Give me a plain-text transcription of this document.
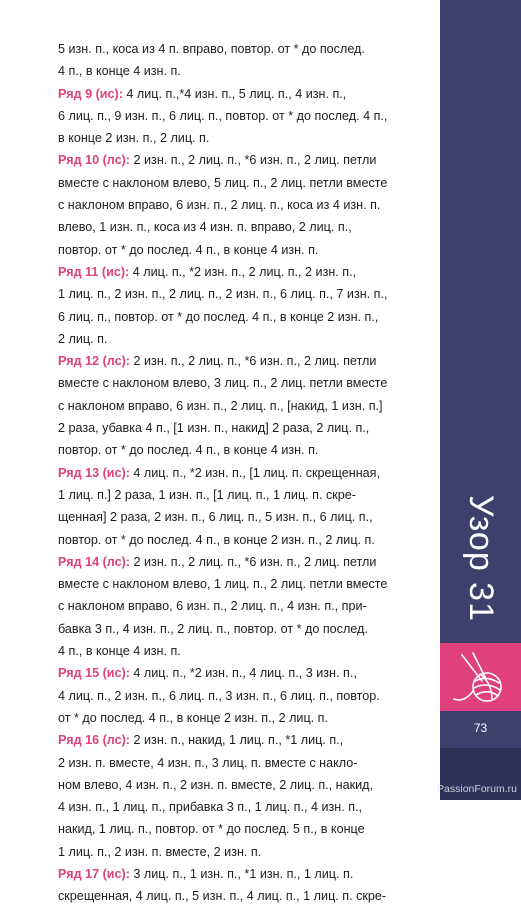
5 изн. п., коса из 4 п. вправо, повтор. от * до послед.

4 п., в конце 4 изн. п.

Ряд 9 (ис): 4 лиц. п.,*4 изн. п., 5 лиц. п., 4 изн. п.,

6 лиц. п., 9 изн. п., 6 лиц. п., повтор. от * до послед. 4 п.,

в конце 2 изн. п., 2 лиц. п.

Ряд 10 (лс): 2 изн. п., 2 лиц. п., *6 изн. п., 2 лиц. петли

вместе с наклоном влево, 5 лиц. п., 2 лиц. петли вместе

с наклоном вправо, 6 изн. п., 2 лиц. п., коса из 4 изн. п.

влево, 1 изн. п., коса из 4 изн. п. вправо, 2 лиц. п.,

повтор. от * до послед. 4 п., в конце 4 изн. п.

Ряд 11 (ис): 4 лиц. п., *2 изн. п., 2 лиц. п., 2 изн. п.,

1 лиц. п., 2 изн. п., 2 лиц. п., 2 изн. п., 6 лиц. п., 7 изн. п.,

6 лиц. п., повтор. от * до послед. 4 п., в конце 2 изн. п.,

2 лиц. п.

Ряд 12 (лс): 2 изн. п., 2 лиц. п., *6 изн. п., 2 лиц. петли

вместе с наклоном влево, 3 лиц. п., 2 лиц. петли вместе

с наклоном вправо, 6 изн. п., 2 лиц. п., [накид, 1 изн. п.]

2 раза, убавка 4 п., [1 изн. п., накид] 2 раза, 2 лиц. п.,

повтор. от * до послед. 4 п., в конце 4 изн. п.

Ряд 13 (ис): 4 лиц. п., *2 изн. п., [1 лиц. п. скрещенная,

1 лиц. п.] 2 раза, 1 изн. п., [1 лиц. п., 1 лиц. п. скре-

щенная] 2 раза, 2 изн. п., 6 лиц. п., 5 изн. п., 6 лиц. п.,

повтор. от * до послед. 4 п., в конце 2 изн. п., 2 лиц. п.

Ряд 14 (лс): 2 изн. п., 2 лиц. п., *6 изн. п., 2 лиц. петли

вместе с наклоном влево, 1 лиц. п., 2 лиц. петли вместе

с наклоном вправо, 6 изн. п., 2 лиц. п., 4 изн. п., при-

бавка 3 п., 4 изн. п., 2 лиц. п., повтор. от * до послед.

4 п., в конце 4 изн. п.

Ряд 15 (ис): 4 лиц. п., *2 изн. п., 4 лиц. п., 3 изн. п.,

4 лиц. п., 2 изн. п., 6 лиц. п., 3 изн. п., 6 лиц. п., повтор.

от * до послед. 4 п., в конце 2 изн. п., 2 лиц. п.

Ряд 16 (лс): 2 изн. п., накид, 1 лиц. п., *1 лиц. п.,

2 изн. п. вместе, 4 изн. п., 3 лиц. п. вместе с накло-

ном влево, 4 изн. п., 2 изн. п. вместе, 2 лиц. п., накид,

4 изн. п., 1 лиц. п., прибавка 3 п., 1 лиц. п., 4 изн. п.,

накид, 1 лиц. п., повтор. от * до послед. 5 п., в конце

1 лиц. п., 2 изн. п. вместе, 2 изн. п.

Ряд 17 (ис): 3 лиц. п., 1 изн. п., *1 изн. п., 1 лиц. п.

скрещенная, 4 лиц. п., 5 изн. п., 4 лиц. п., 1 лиц. п. скре-

Узор 31
73
PassionForum.ru
